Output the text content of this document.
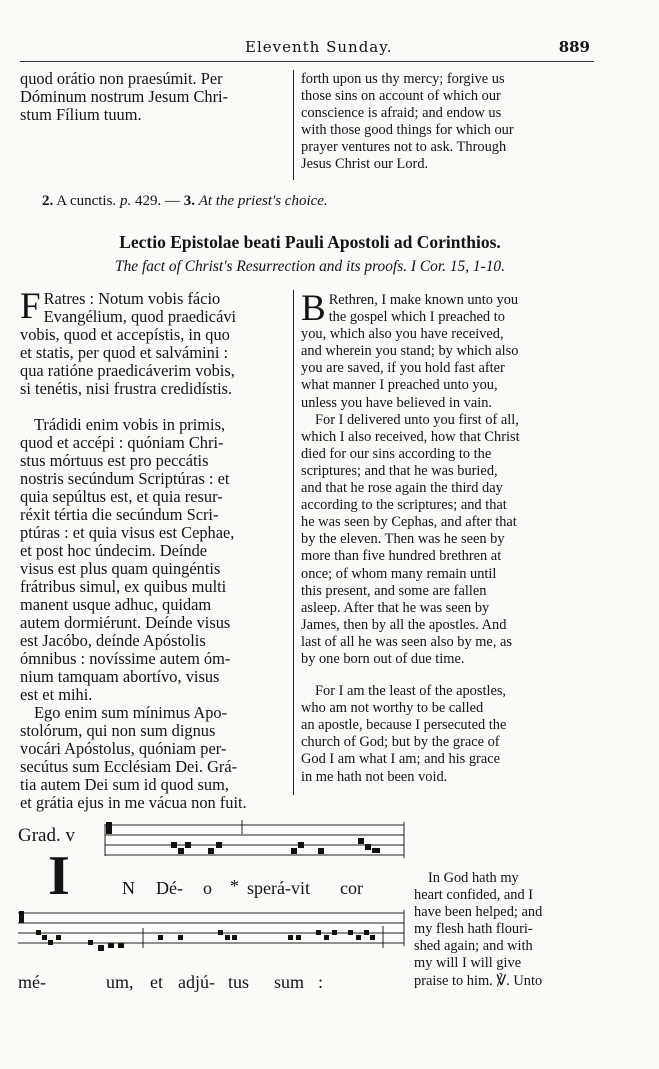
Eleventh Sunday.	889

quod orátio non praesúmit. Per

Dóminum nostrum Jesum Chri-

stum Fílium tuum.

forth upon us thy mercy; forgive us

those sins on account of which our

conscience is afraid; and endow us

with those good things for which our

prayer ventures not to ask. Through

Jesus Christ our Lord.

2. A cunctis. p. 429. — 3. At the priest's choice.
Lectio Epistolae beati Pauli Apostoli ad Corinthios.
The fact of Christ's Resurrection and its proofs. I Cor. 15, 1-10.
F Ratres : Notum vobis fácio

Evangélium, quod praedicávi

vobis, quod et accepístis, in quo

et statis, per quod et salvámini :

qua ratióne praedicáverim vobis,

si tenétis, nisi frustra credidístis.

Trádidi enim vobis in primis,

quod et accépi : quóniam Chri-

stus mórtuus est pro peccátis

nostris secúndum Scriptúras : et

quia sepúltus est, et quia resur-

réxit tértia die secúndum Scri-

ptúras : et quia visus est Cephae,

et post hoc úndecim. Deínde

visus est plus quam quingéntis

frátribus simul, ex quibus multi

manent usque adhuc, quidam

autem dormiérunt. Deínde visus

est Jacóbo, deínde Apóstolis

ómnibus : novíssime autem óm-

nium tamquam abortívo, visus

est et mihi.

Ego enim sum mínimus Apo-

stolórum, qui non sum dignus

vocári Apóstolus, quóniam per-

secútus sum Ecclésiam Dei. Grá-

tia autem Dei sum id quod sum,

et grátia ejus in me vácua non fuit.

B Rethren, I make known unto you

the gospel which I preached to

you, which also you have received,

and wherein you stand; by which also

you are saved, if you hold fast after

what manner I preached unto you,

unless you have believed in vain.

For I delivered unto you first of all,

which I also received, how that Christ

died for our sins according to the

scriptures; and that he was buried,

and that he rose again the third day

according to the scriptures; and that

he was seen by Cephas, and after that

by the eleven. Then was he seen by

more than five hundred brethren at

once; of whom many remain until

this present, and some are fallen

asleep. After that he was seen by

James, then by all the apostles. And

last of all he was seen also by me, as

by one born out of due time.

For I am the least of the apostles,

who am not worthy to be called

an apostle, because I persecuted the

church of God; but by the grace of

God I am what I am; and his grace

in me hath not been void.

Grad. v
I	N Dé- o * sperá-vit cor
mé-	um, et adjú- tus sum :

In God hath my

heart confided, and I

have been helped; and

my flesh hath flouri-

shed again; and with

my will I will give

praise to him. ℣. Unto
